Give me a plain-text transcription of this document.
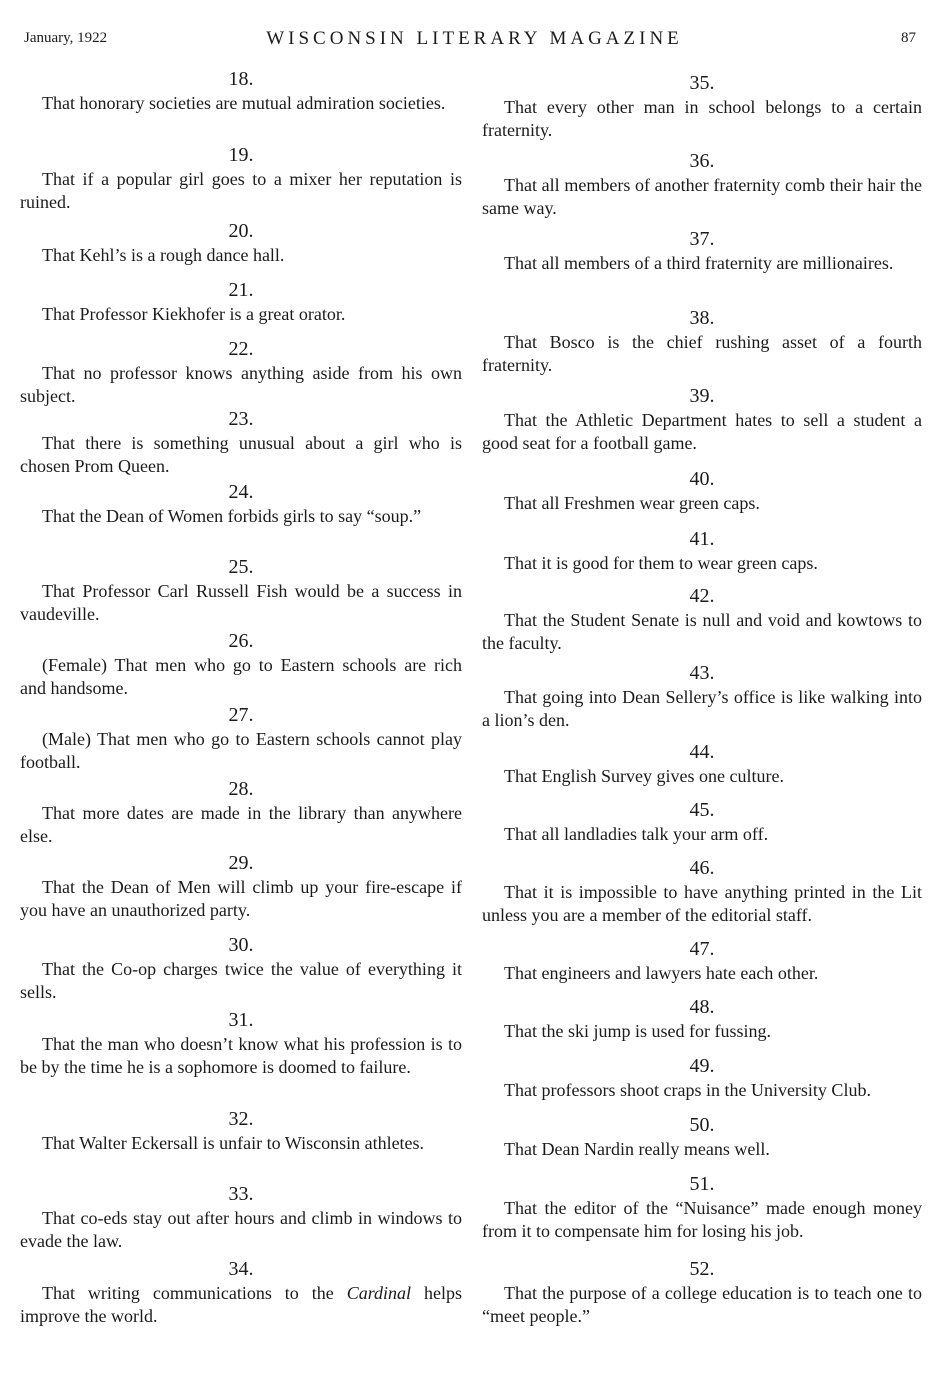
January, 1922	WISCONSIN LITERARY MAGAZINE	87
18.

That honorary societies are mutual admiration societies.

19.

That if a popular girl goes to a mixer her reputation is ruined.

20.

That Kehl’s is a rough dance hall.

21.

That Professor Kiekhofer is a great orator.

22.

That no professor knows anything aside from his own subject.

23.

That there is something unusual about a girl who is chosen Prom Queen.

24.

That the Dean of Women forbids girls to say “soup.”

25.

That Professor Carl Russell Fish would be a success in vaudeville.

26.

(Female) That men who go to Eastern schools are rich and handsome.

27.

(Male) That men who go to Eastern schools cannot play football.

28.

That more dates are made in the library than anywhere else.

29.

That the Dean of Men will climb up your fire-escape if you have an unauthorized party.

30.

That the Co-op charges twice the value of everything it sells.

31.

That the man who doesn’t know what his profession is to be by the time he is a sophomore is doomed to failure.

32.

That Walter Eckersall is unfair to Wisconsin athletes.

33.

That co-eds stay out after hours and climb in windows to evade the law.

34.

That writing communications to the Cardinal helps improve the world.

35.

That every other man in school belongs to a certain fraternity.

36.

That all members of another fraternity comb their hair the same way.

37.

That all members of a third fraternity are millionaires.

38.

That Bosco is the chief rushing asset of a fourth fraternity.

39.

That the Athletic Department hates to sell a student a good seat for a football game.

40.

That all Freshmen wear green caps.

41.

That it is good for them to wear green caps.

42.

That the Student Senate is null and void and kowtows to the faculty.

43.

That going into Dean Sellery’s office is like walking into a lion’s den.

44.

That English Survey gives one culture.

45.

That all landladies talk your arm off.

46.

That it is impossible to have anything printed in the Lit unless you are a member of the editorial staff.

47.

That engineers and lawyers hate each other.

48.

That the ski jump is used for fussing.

49.

That professors shoot craps in the University Club.

50.

That Dean Nardin really means well.

51.

That the editor of the “Nuisance” made enough money from it to compensate him for losing his job.

52.

That the purpose of a college education is to teach one to “meet people.”
